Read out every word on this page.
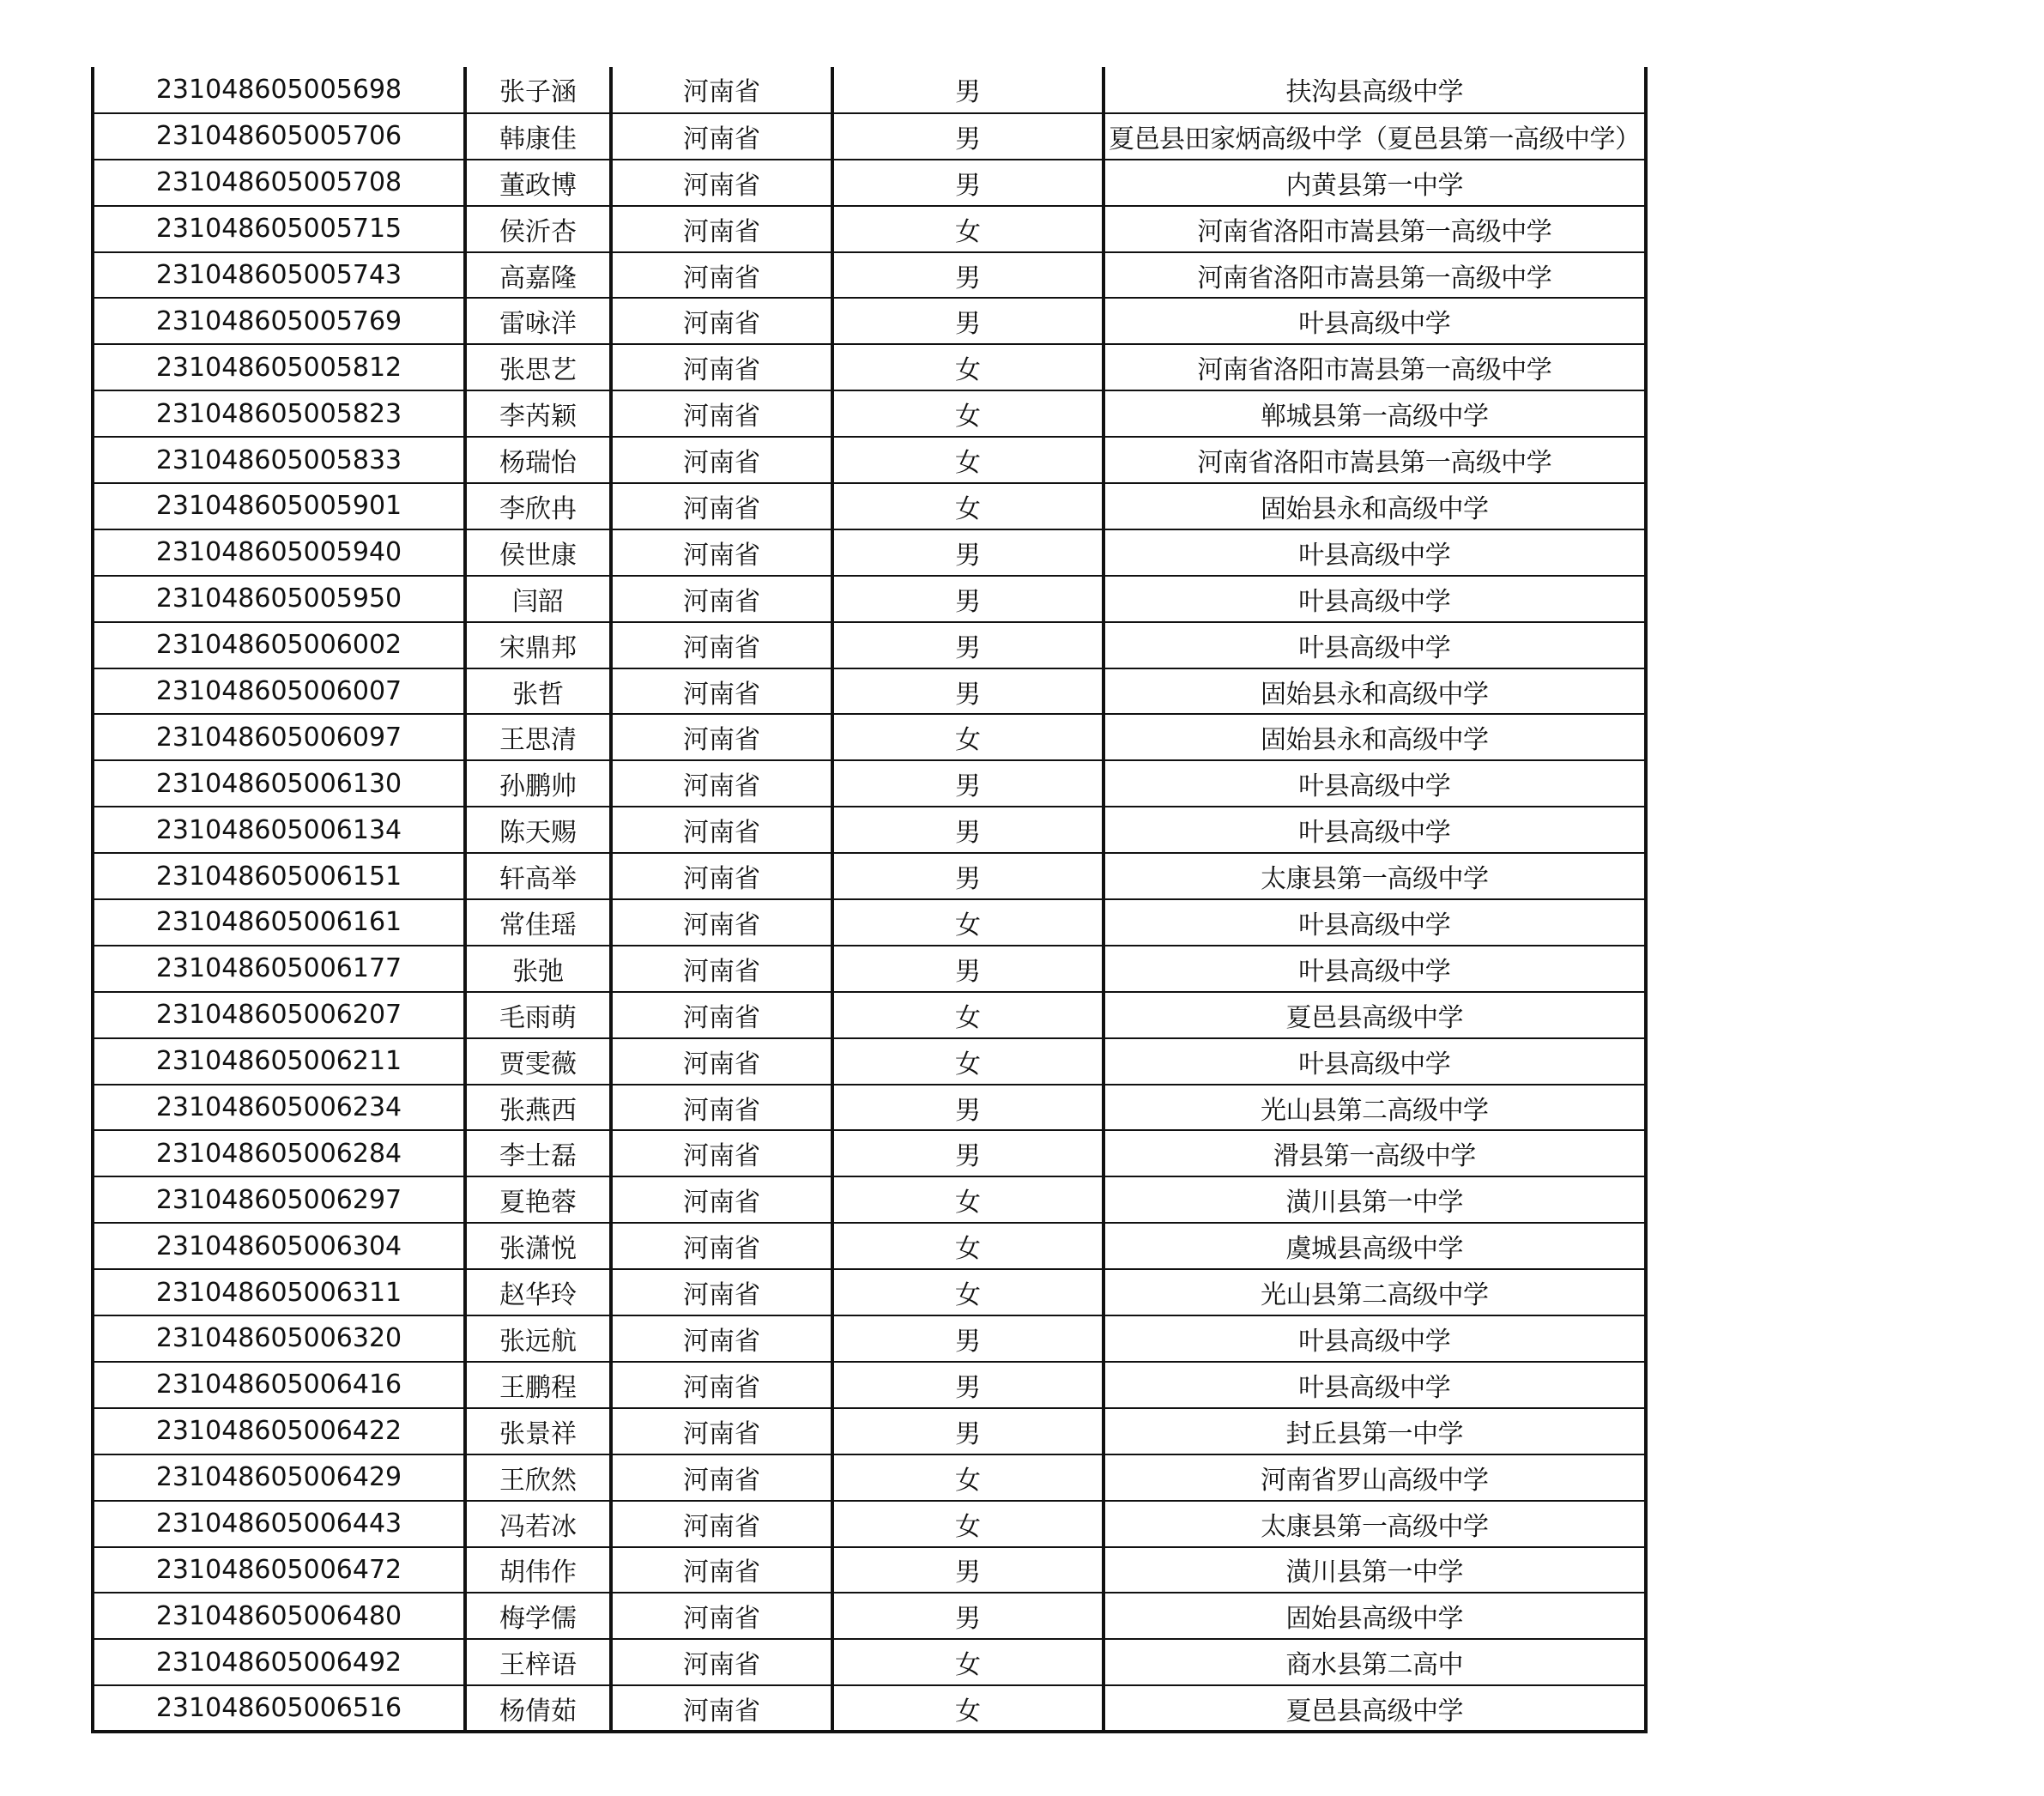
231048605005698	张子涵	河南省	男	扶沟县高级中学
231048605005706	韩康佳	河南省	男	夏邑县田家炳高级中学（夏邑县第一高级中学）
231048605005708	董政博	河南省	男	内黄县第一中学
231048605005715	侯沂杏	河南省	女	河南省洛阳市嵩县第一高级中学
231048605005743	高嘉隆	河南省	男	河南省洛阳市嵩县第一高级中学
231048605005769	雷咏洋	河南省	男	叶县高级中学
231048605005812	张思艺	河南省	女	河南省洛阳市嵩县第一高级中学
231048605005823	李芮颖	河南省	女	郸城县第一高级中学
231048605005833	杨瑞怡	河南省	女	河南省洛阳市嵩县第一高级中学
231048605005901	李欣冉	河南省	女	固始县永和高级中学
231048605005940	侯世康	河南省	男	叶县高级中学
231048605005950	闫韶	河南省	男	叶县高级中学
231048605006002	宋鼎邦	河南省	男	叶县高级中学
231048605006007	张哲	河南省	男	固始县永和高级中学
231048605006097	王思清	河南省	女	固始县永和高级中学
231048605006130	孙鹏帅	河南省	男	叶县高级中学
231048605006134	陈天赐	河南省	男	叶县高级中学
231048605006151	轩高举	河南省	男	太康县第一高级中学
231048605006161	常佳瑶	河南省	女	叶县高级中学
231048605006177	张弛	河南省	男	叶县高级中学
231048605006207	毛雨萌	河南省	女	夏邑县高级中学
231048605006211	贾雯薇	河南省	女	叶县高级中学
231048605006234	张燕西	河南省	男	光山县第二高级中学
231048605006284	李士磊	河南省	男	滑县第一高级中学
231048605006297	夏艳蓉	河南省	女	潢川县第一中学
231048605006304	张潇悦	河南省	女	虞城县高级中学
231048605006311	赵华玲	河南省	女	光山县第二高级中学
231048605006320	张远航	河南省	男	叶县高级中学
231048605006416	王鹏程	河南省	男	叶县高级中学
231048605006422	张景祥	河南省	男	封丘县第一中学
231048605006429	王欣然	河南省	女	河南省罗山高级中学
231048605006443	冯若冰	河南省	女	太康县第一高级中学
231048605006472	胡伟作	河南省	男	潢川县第一中学
231048605006480	梅学儒	河南省	男	固始县高级中学
231048605006492	王梓语	河南省	女	商水县第二高中
231048605006516	杨倩茹	河南省	女	夏邑县高级中学
